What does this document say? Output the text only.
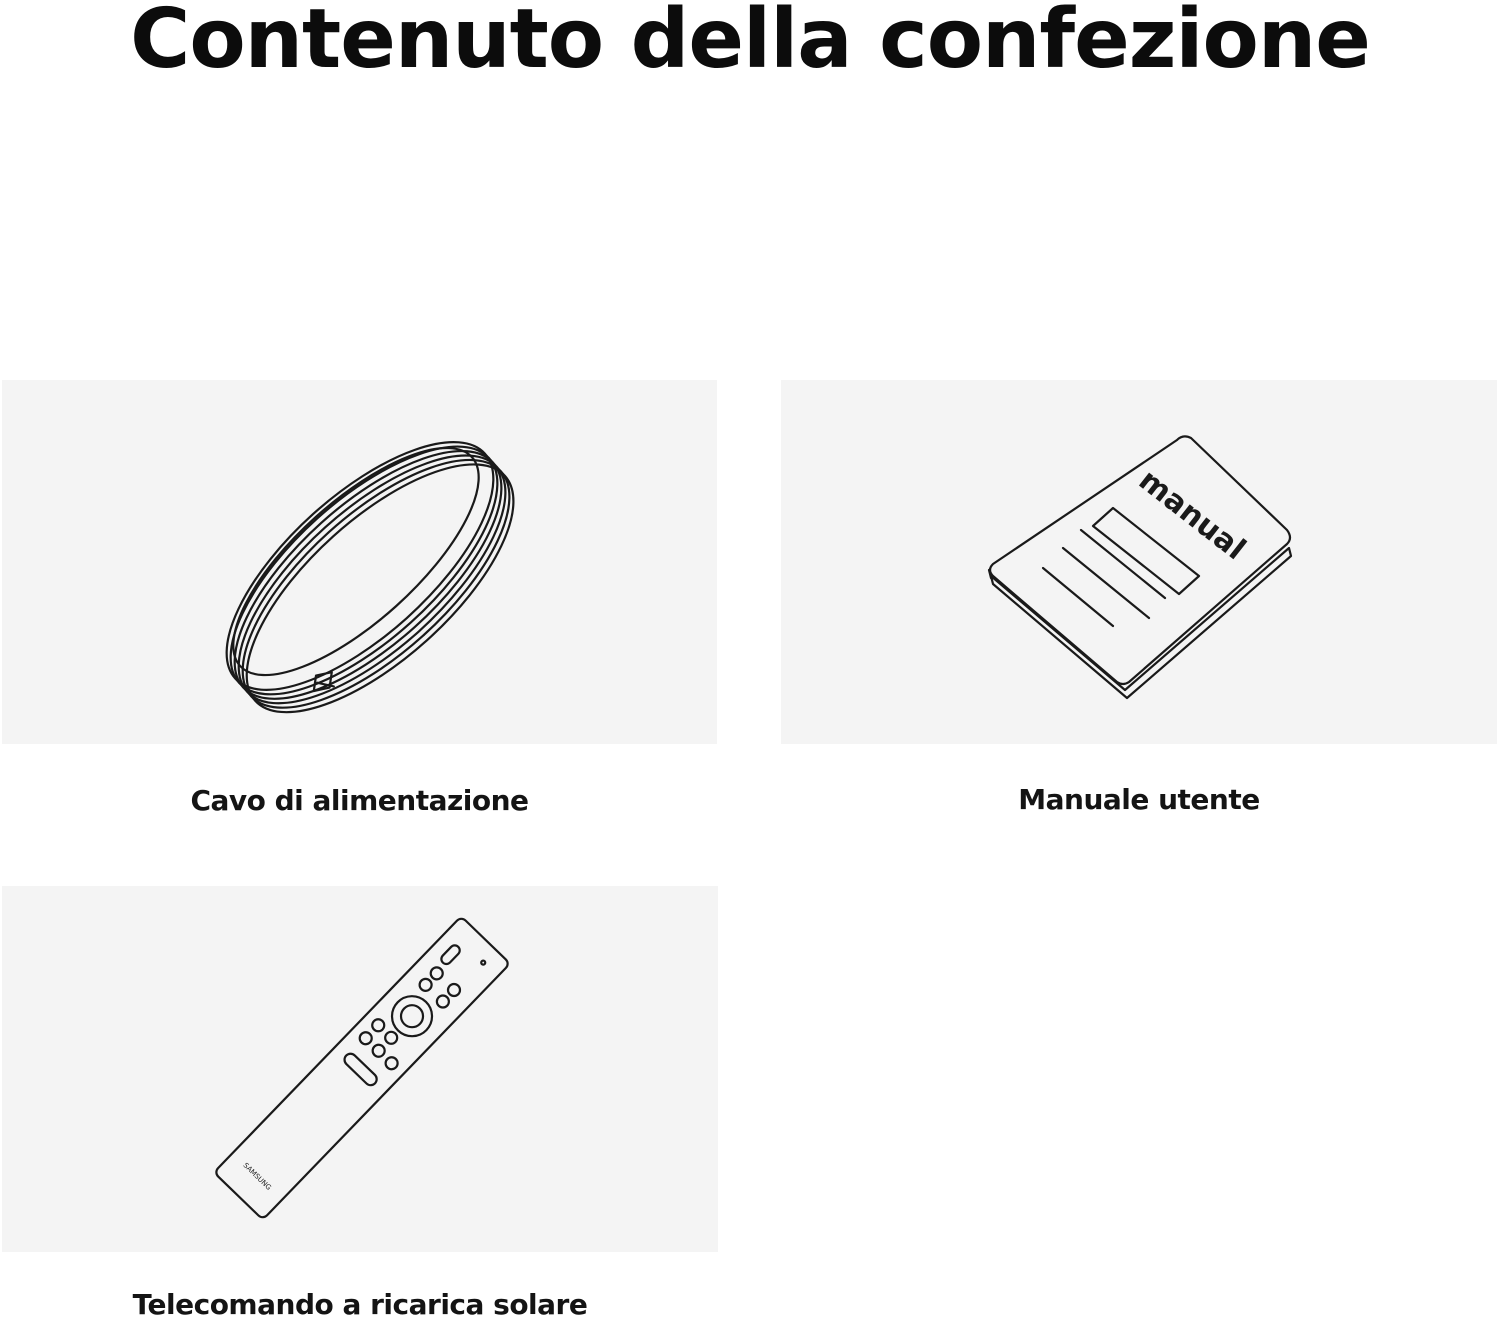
Contenuto della confezione
Cavo di alimentazione
manual
Manuale utente
SAMSUNG
Telecomando a ricarica solare
